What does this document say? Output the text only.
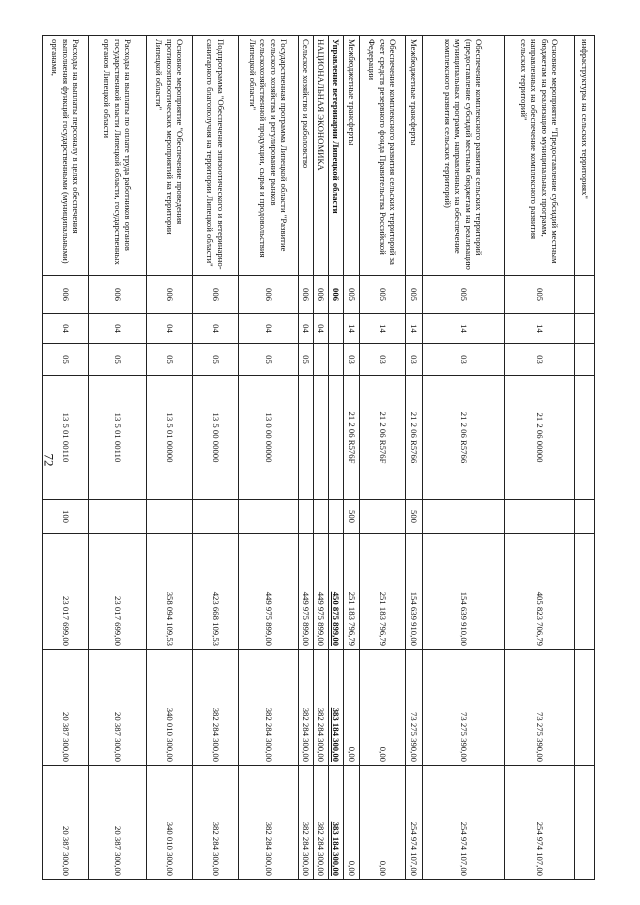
72
инфраструктуры на сельских территориях"								
Основное мероприятие "Предоставление субсидий местным бюджетам на реализацию муниципальных программ, направленных на обеспечение комплексного развития сельских территорий"	005	14	03	21 2 06 00000		405 823 706,79	73 275 390,00	254 974 107,00
Обеспечение комплексного развития сельских территорий (предоставление субсидий местным бюджетам на реализацию муниципальных программ, направленных на обеспечение комплексного развития сельских территорий)	005	14	03	21 2 06 R5766		154 639 910,00	73 275 390,00	254 974 107,00
Межбюджетные трансферты	005	14	03	21 2 06 R5766	500	154 639 910,00	73 275 390,00	254 974 107,00
Обеспечение комплексного развития сельских территорий за счет средств резервного фонда Правительства Российской Федерации	005	14	03	21 2 06 R576F		251 183 796,79	0,00	0,00
Межбюджетные трансферты	005	14	03	21 2 06 R576F	500	251 183 796,79	0,00	0,00
Управление ветеринарии Липецкой области	006					450 875 899,00	383 184 300,00	383 184 300,00
НАЦИОНАЛЬНАЯ ЭКОНОМИКА	006	04				449 975 899,00	382 284 300,00	382 284 300,00
Сельское хозяйство и рыболовство	006	04	05			449 975 899,00	382 284 300,00	382 284 300,00
Государственная программа Липецкой области "Развитие сельского хозяйства и регулирование рынков сельскохозяйственной продукции, сырья и продовольствия Липецкой области"	006	04	05	13 0 00 00000		449 975 899,00	382 284 300,00	382 284 300,00
Подпрограмма "Обеспечение эпизоотического и ветеринарно-санитарного благополучия на территории Липецкой области"	006	04	05	13 5 00 00000		423 668 109,53	382 284 300,00	382 284 300,00
Основное мероприятие "Обеспечение проведения противоэпизоотических мероприятий на территории Липецкой области"	006	04	05	13 5 01 00000		358 094 109,53	340 010 300,00	340 010 300,00
Расходы на выплаты по оплате труда работников органов государственной власти Липецкой области, государственных органов Липецкой области	006	04	05	13 5 01 00110		23 017 699,00	20 387 300,00	20 387 300,00
Расходы на выплаты персоналу в целях обеспечения выполнения функций государственными (муниципальными) органами,	006	04	05	13 5 01 00110	100	23 017 699,00	20 387 300,00	20 387 300,00
